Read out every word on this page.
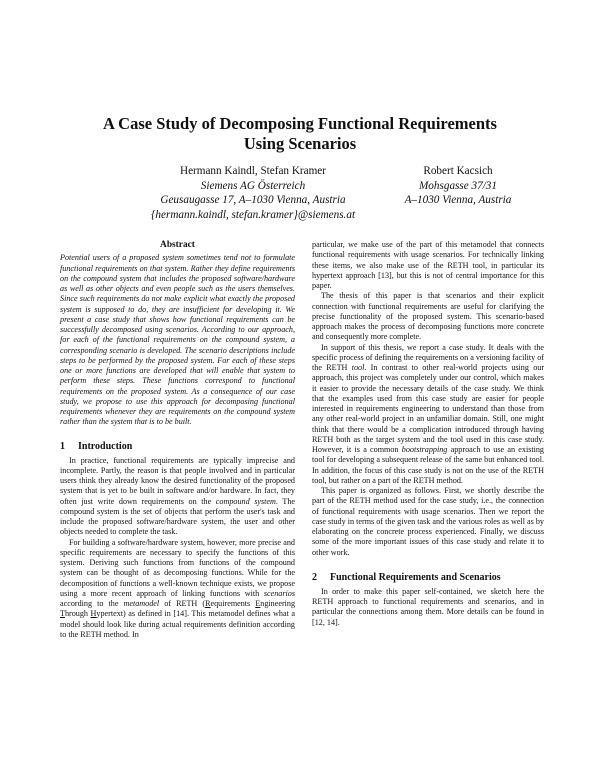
A Case Study of Decomposing Functional Requirements
Using Scenarios
Hermann Kaindl, Stefan Kramer
Siemens AG Österreich
Geusaugasse 17, A–1030 Vienna, Austria
{hermann.kaindl, stefan.kramer}@siemens.at
Robert Kacsich
Mohsgasse 37/31
A–1030 Vienna, Austria
Abstract

Potential users of a proposed system sometimes tend not to formulate functional requirements on that system. Rather they define requirements on the compound system that includes the proposed software/hardware as well as other objects and even people such as the users themselves. Since such requirements do not make explicit what exactly the proposed system is supposed to do, they are insufficient for developing it. We present a case study that shows how functional requirements can be successfully decomposed using scenarios. According to our approach, for each of the functional requirements on the compound system, a corresponding scenario is developed. The scenario descriptions include steps to be performed by the proposed system. For each of these steps one or more functions are developed that will enable that system to perform these steps. These functions correspond to functional requirements on the proposed system. As a consequence of our case study, we propose to use this approach for decomposing functional requirements whenever they are requirements on the compound system rather than the system that is to be built.

1	Introduction

In practice, functional requirements are typically imprecise and incomplete. Partly, the reason is that people involved and in particular users think they already know the desired functionality of the proposed system that is yet to be built in software and/or hardware. In fact, they often just write down requirements on the compound system. The compound system is the set of objects that perform the user's task and include the proposed software/hardware system, the user and other objects needed to complete the task.

For building a software/hardware system, however, more precise and specific requirements are necessary to specify the functions of this system. Deriving such functions from functions of the compound system can be thought of as decomposing functions. While for the decomposition of functions a well-known technique exists, we propose using a more recent approach of linking functions with scenarios according to the metamodel of RETH (Requirements Engineering Through Hypertext) as defined in [14]. This metamodel defines what a model should look like during actual requirements definition according to the RETH method. In

particular, we make use of the part of this metamodel that connects functional requirements with usage scenarios. For technically linking these items, we also make use of the RETH tool, in particular its hypertext approach [13], but this is not of central importance for this paper.

The thesis of this paper is that scenarios and their explicit connection with functional requirements are useful for clarifying the precise functionality of the proposed system. This scenario-based approach makes the process of decomposing functions more concrete and consequently more complete.

In support of this thesis, we report a case study. It deals with the specific process of defining the requirements on a versioning facility of the RETH tool. In contrast to other real-world projects using our approach, this project was completely under our control, which makes it easier to provide the necessary details of the case study. We think that the examples used from this case study are easier for people interested in requirements engineering to understand than those from any other real-world project in an unfamiliar domain. Still, one might think that there would be a complication introduced through having RETH both as the target system and the tool used in this case study. However, it is a common bootstrapping approach to use an existing tool for developing a subsequent release of the same but enhanced tool. In addition, the focus of this case study is not on the use of the RETH tool, but rather on a part of the RETH method.

This paper is organized as follows. First, we shortly describe the part of the RETH method used for the case study, i.e., the connection of functional requirements with usage scenarios. Then we report the case study in terms of the given task and the various roles as well as by elaborating on the concrete process experienced. Finally, we discuss some of the more important issues of this case study and relate it to other work.

2	Functional Requirements and Scenarios

In order to make this paper self-contained, we sketch here the RETH approach to functional requirements and scenarios, and in particular the connections among them. More details can be found in [12, 14].
